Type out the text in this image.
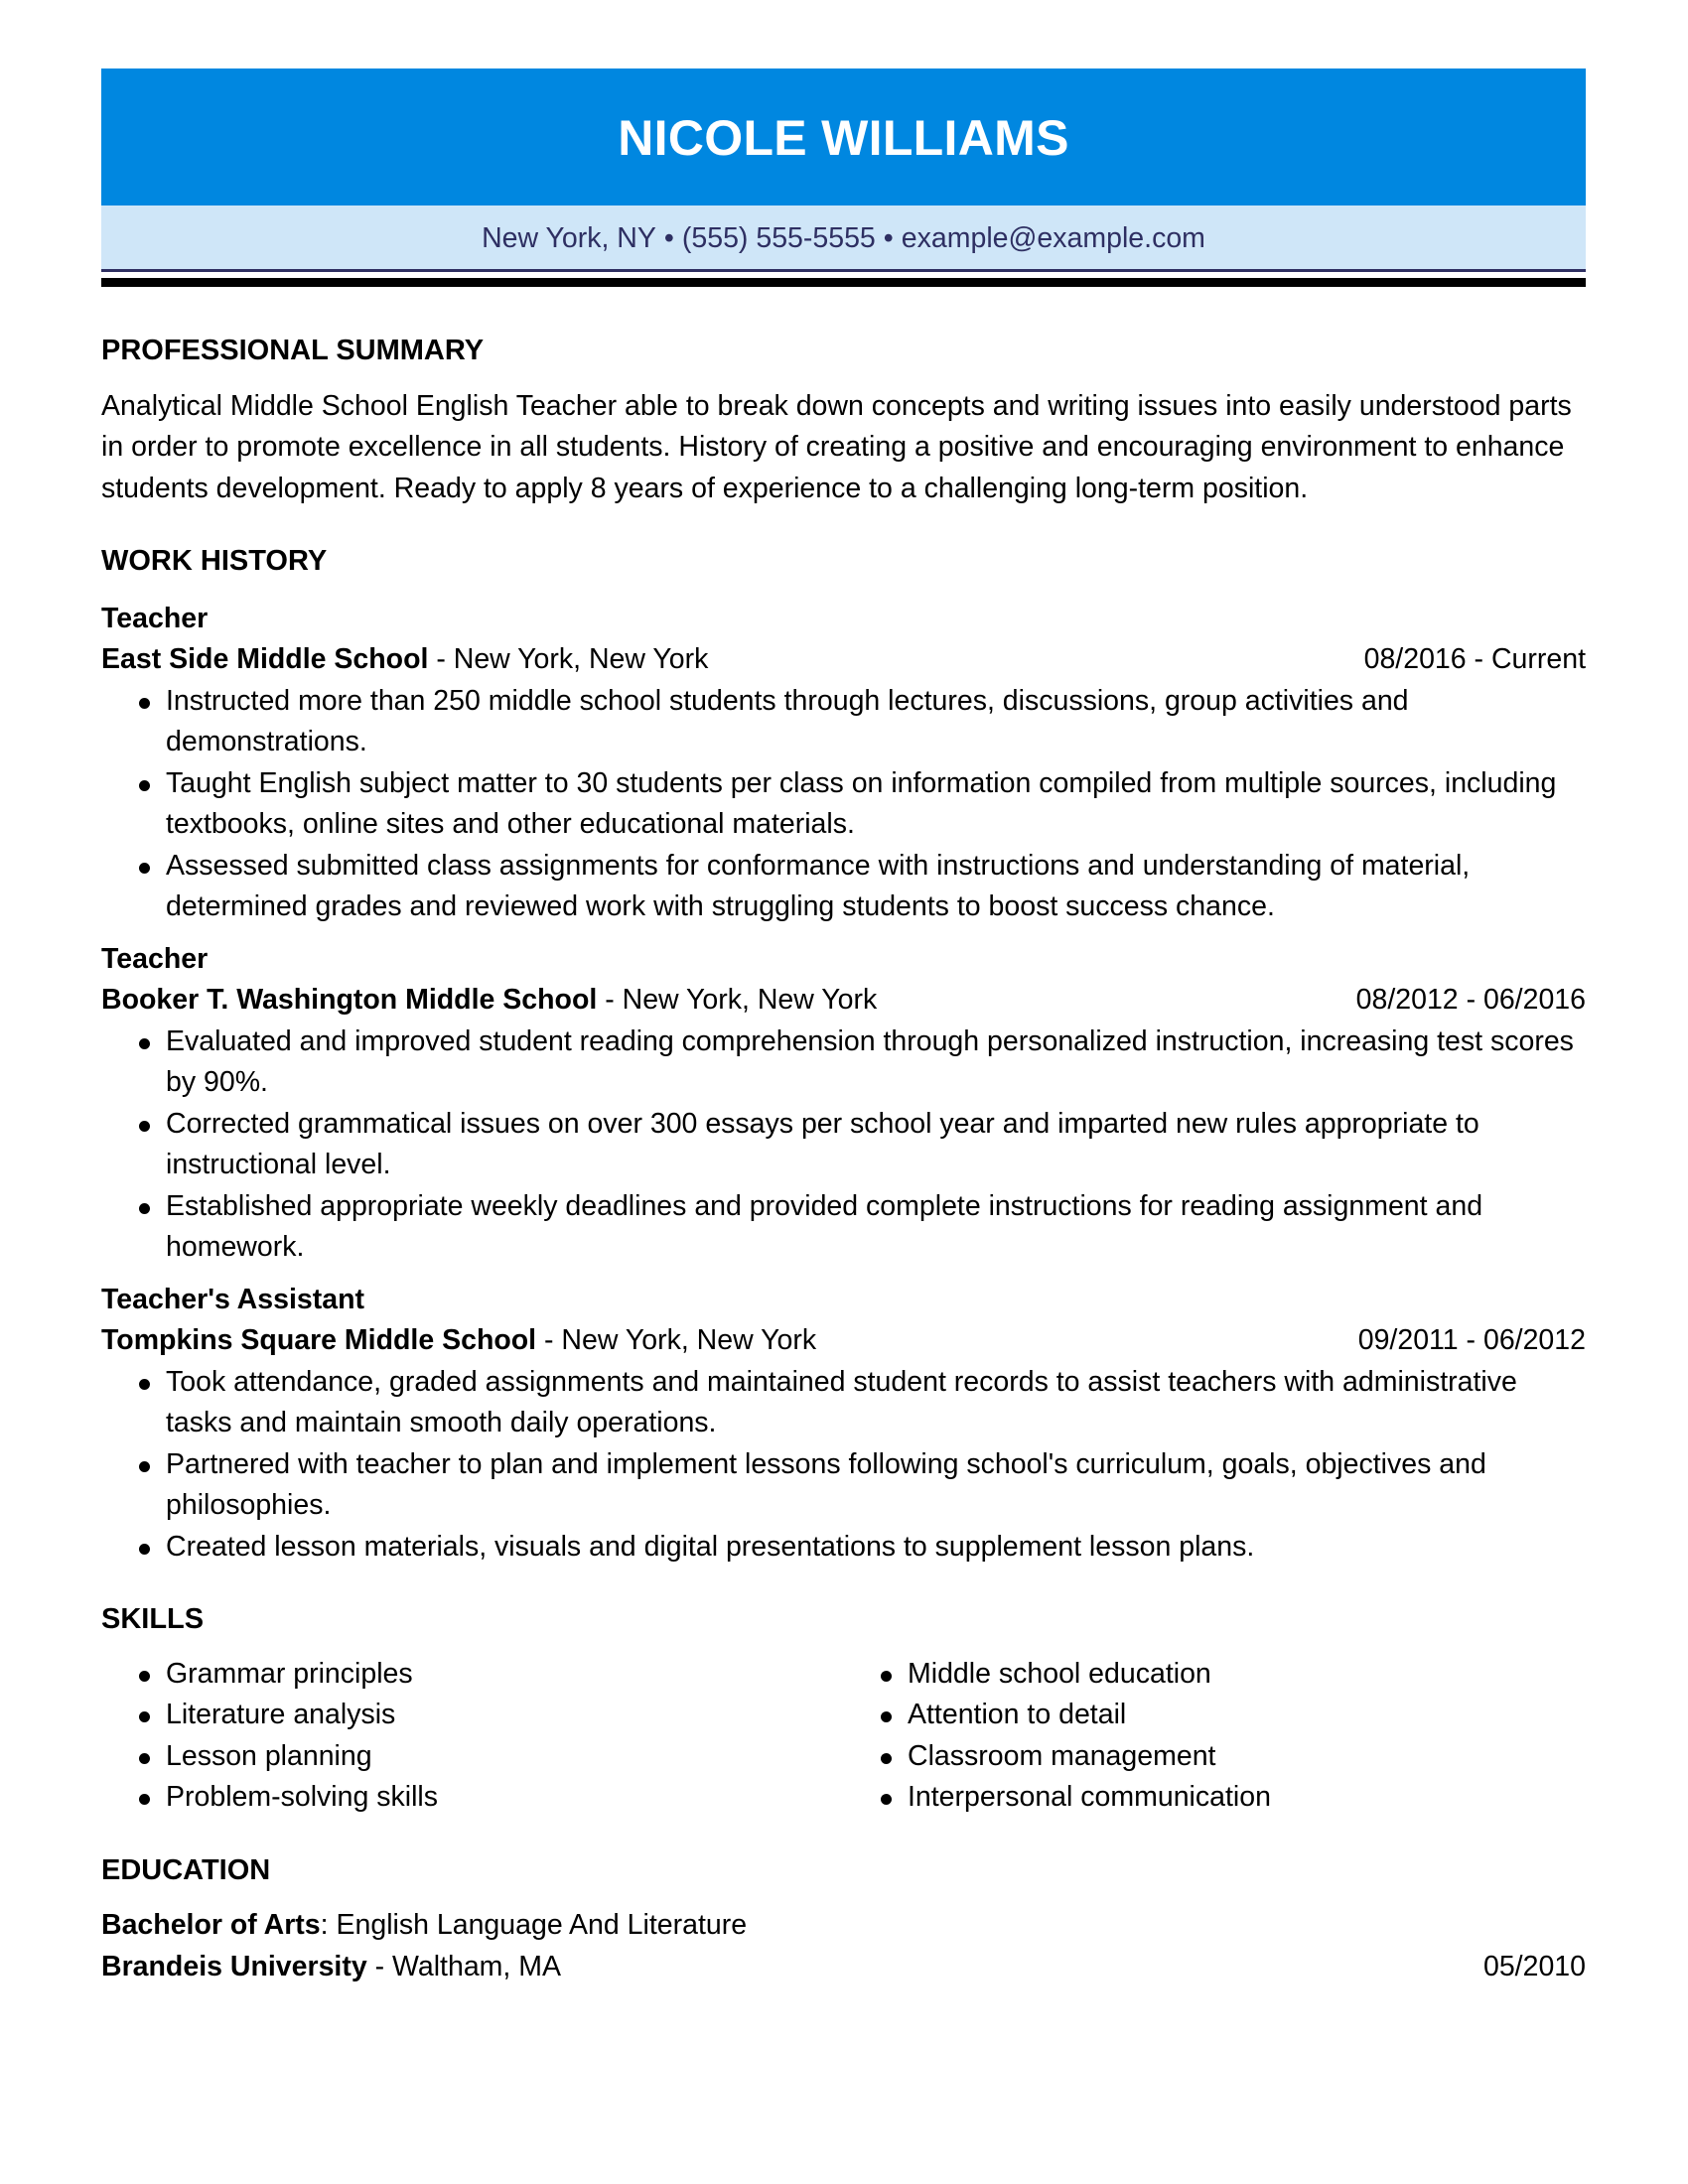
NICOLE WILLIAMS
New York, NY • (555) 555-5555 • example@example.com
PROFESSIONAL SUMMARY

Analytical Middle School English Teacher able to break down concepts and writing issues into easily understood parts in order to promote excellence in all students. History of creating a positive and encouraging environment to enhance students development. Ready to apply 8 years of experience to a challenging long-term position.

WORK HISTORY
Teacher
East Side Middle School - New York, New York	08/2016 - Current
Instructed more than 250 middle school students through lectures, discussions, group activities and demonstrations.
Taught English subject matter to 30 students per class on information compiled from multiple sources, including textbooks, online sites and other educational materials.
Assessed submitted class assignments for conformance with instructions and understanding of material, determined grades and reviewed work with struggling students to boost success chance.
Teacher
Booker T. Washington Middle School - New York, New York	08/2012 - 06/2016
Evaluated and improved student reading comprehension through personalized instruction, increasing test scores by 90%.
Corrected grammatical issues on over 300 essays per school year and imparted new rules appropriate to instructional level.
Established appropriate weekly deadlines and provided complete instructions for reading assignment and homework.
Teacher's Assistant
Tompkins Square Middle School - New York, New York	09/2011 - 06/2012
Took attendance, graded assignments and maintained student records to assist teachers with administrative tasks and maintain smooth daily operations.
Partnered with teacher to plan and implement lessons following school's curriculum, goals, objectives and philosophies.
Created lesson materials, visuals and digital presentations to supplement lesson plans.
SKILLS
Grammar principles
Literature analysis
Lesson planning
Problem-solving skills
Middle school education
Attention to detail
Classroom management
Interpersonal communication
EDUCATION
Bachelor of Arts: English Language And Literature
Brandeis University - Waltham, MA	05/2010
